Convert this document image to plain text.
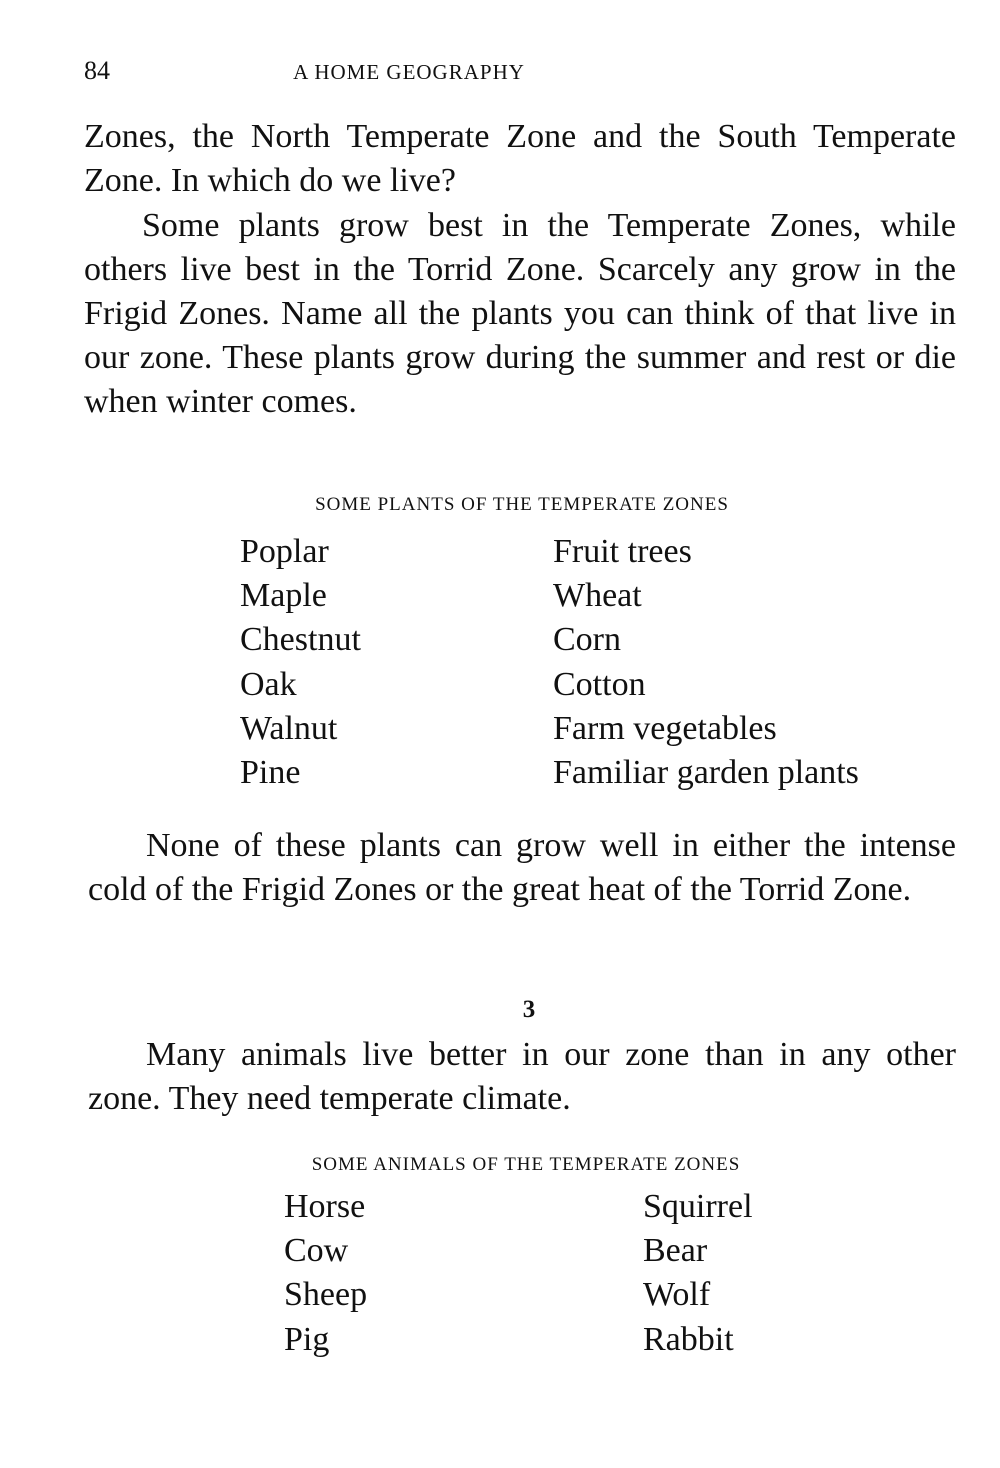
84	A HOME GEOGRAPHY

Zones, the North Temperate Zone and the South Temperate Zone. In which do we live?

Some plants grow best in the Temperate Zones, while others live best in the Torrid Zone. Scarcely any grow in the Frigid Zones. Name all the plants you can think of that live in our zone. These plants grow during the summer and rest or die when winter comes.

SOME PLANTS OF THE TEMPERATE ZONES
Poplar
Maple
Chestnut
Oak
Walnut
Pine
Fruit trees
Wheat
Corn
Cotton
Farm vegetables
Familiar garden plants

None of these plants can grow well in either the intense cold of the Frigid Zones or the great heat of the Torrid Zone.

3

Many animals live better in our zone than in any other zone. They need temperate climate.

SOME ANIMALS OF THE TEMPERATE ZONES
Horse
Cow
Sheep
Pig
Squirrel
Bear
Wolf
Rabbit
